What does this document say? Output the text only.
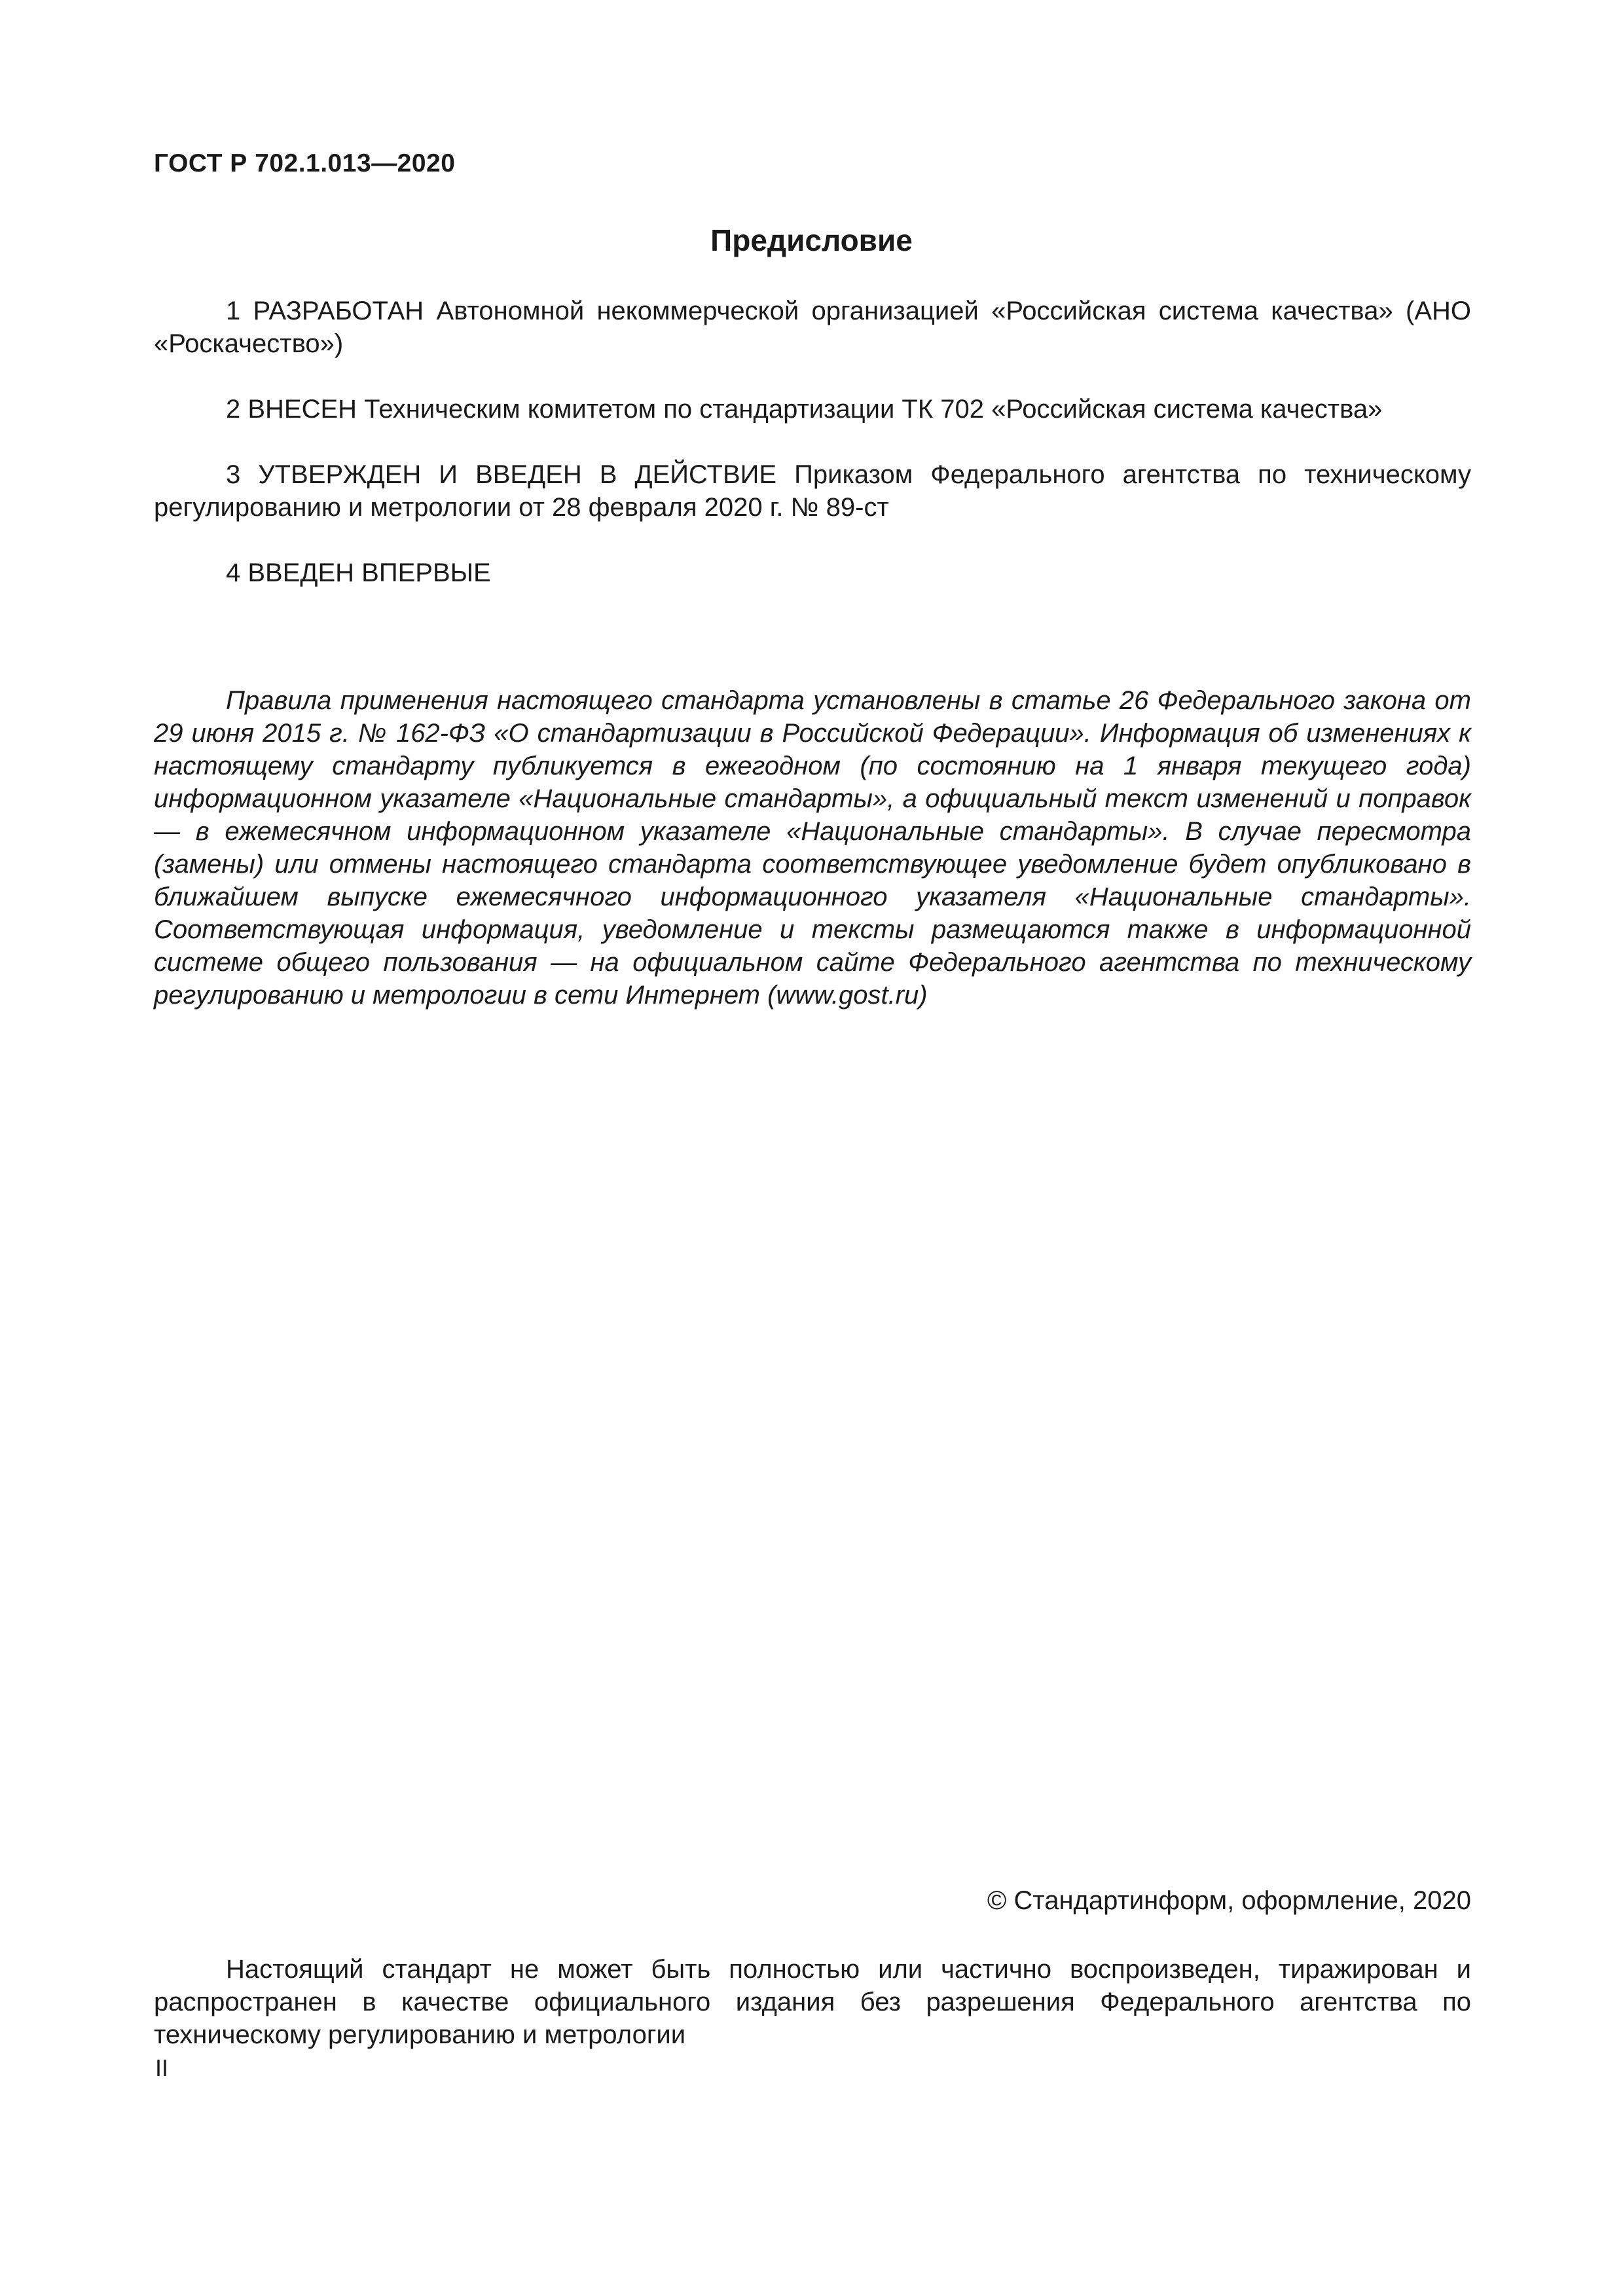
ГОСТ Р 702.1.013—2020
Предисловие

1 РАЗРАБОТАН Автономной некоммерческой организацией «Российская система качества» (АНО «Роскачество»)

2 ВНЕСЕН Техническим комитетом по стандартизации ТК 702 «Российская система качества»

3 УТВЕРЖДЕН И ВВЕДЕН В ДЕЙСТВИЕ Приказом Федерального агентства по техническому регулированию и метрологии от 28 февраля 2020 г. № 89-ст

4 ВВЕДЕН ВПЕРВЫЕ

Правила применения настоящего стандарта установлены в статье 26 Федерального закона от 29 июня 2015 г. № 162-ФЗ «О стандартизации в Российской Федерации». Информация об изменениях к настоящему стандарту публикуется в ежегодном (по состоянию на 1 января текущего года) информационном указателе «Национальные стандарты», а официальный текст изменений и поправок — в ежемесячном информационном указателе «Национальные стандарты». В случае пересмотра (замены) или отмены настоящего стандарта соответствующее уведомление будет опубликовано в ближайшем выпуске ежемесячного информационного указателя «Национальные стандарты». Соответствующая информация, уведомление и тексты размещаются также в информационной системе общего пользования — на официальном сайте Федерального агентства по техническому регулированию и метрологии в сети Интернет (www.gost.ru)

© Стандартинформ, оформление, 2020

Настоящий стандарт не может быть полностью или частично воспроизведен, тиражирован и распространен в качестве официального издания без разрешения Федерального агентства по техническому регулированию и метрологии

II
